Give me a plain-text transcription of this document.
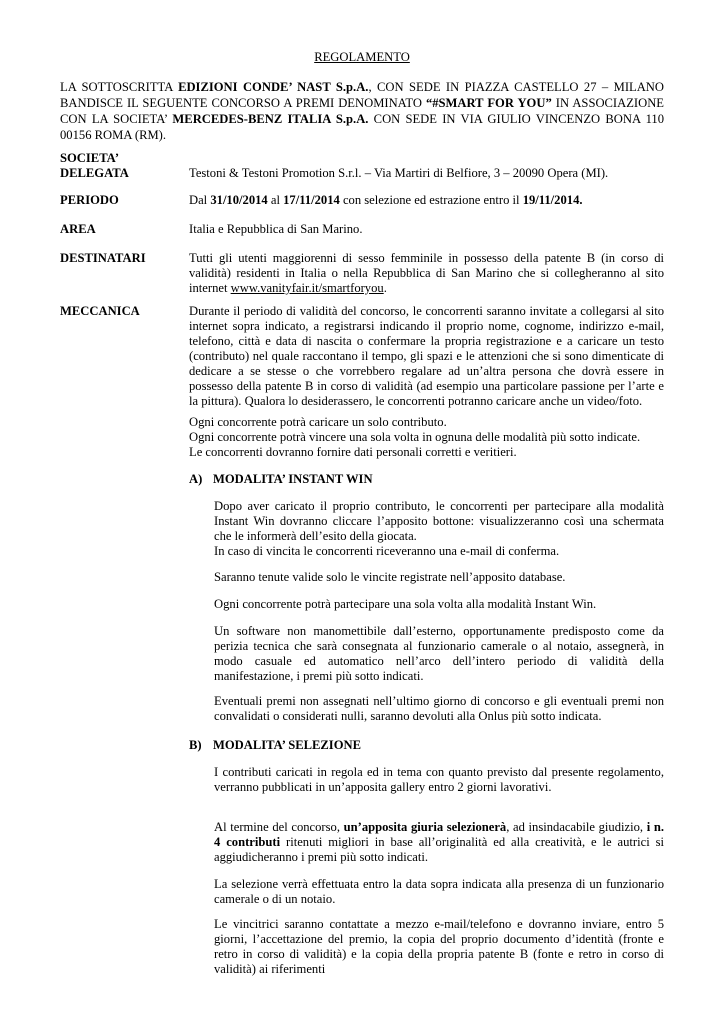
REGOLAMENTO

LA SOTTOSCRITTA EDIZIONI CONDE’ NAST S.p.A., CON SEDE IN PIAZZA CASTELLO 27 – MILANO BANDISCE IL SEGUENTE CONCORSO A PREMI DENOMINATO “#SMART FOR YOU” IN ASSOCIAZIONE CON LA SOCIETA’ MERCEDES-BENZ ITALIA S.p.A. CON SEDE IN VIA GIULIO VINCENZO BONA 110 00156 ROMA (RM).

SOCIETA’
DELEGATA	Testoni & Testoni Promotion S.r.l. – Via Martiri di Belfiore, 3 – 20090 Opera (MI).
PERIODO	Dal 31/10/2014 al 17/11/2014 con selezione ed estrazione entro il 19/11/2014.
AREA	Italia e Repubblica di San Marino.
DESTINATARI	Tutti gli utenti maggiorenni di sesso femminile in possesso della patente B (in corso di validità) residenti in Italia o nella Repubblica di San Marino che si collegheranno al sito internet www.vanityfair.it/smartforyou.
MECCANICA	Durante il periodo di validità del concorso, le concorrenti saranno invitate a collegarsi al sito internet sopra indicato, a registrarsi indicando il proprio nome, cognome, indirizzo e-mail, telefono, città e data di nascita o confermare la propria registrazione e a caricare un testo (contributo) nel quale raccontano il tempo, gli spazi e le attenzioni che si sono dimenticate di dedicare a se stesse o che vorrebbero regalare ad un’altra persona che dovrà essere in possesso della patente B in corso di validità (ad esempio una particolare passione per l’arte e la pittura). Qualora lo desiderassero, le concorrenti potranno caricare anche un video/foto.
Ogni concorrente potrà caricare un solo contributo.
Ogni concorrente potrà vincere una sola volta in ognuna delle modalità più sotto indicate.
Le concorrenti dovranno fornire dati personali corretti e veritieri.
A) MODALITA’ INSTANT WIN
Dopo aver caricato il proprio contributo, le concorrenti per partecipare alla modalità Instant Win dovranno cliccare l’apposito bottone: visualizzeranno così una schermata che le informerà dell’esito della giocata.
In caso di vincita le concorrenti riceveranno una e-mail di conferma.
Saranno tenute valide solo le vincite registrate nell’apposito database.
Ogni concorrente potrà partecipare una sola volta alla modalità Instant Win.
Un software non manomettibile dall’esterno, opportunamente predisposto come da perizia tecnica che sarà consegnata al funzionario camerale o al notaio, assegnerà, in modo casuale ed automatico nell’arco dell’intero periodo di validità della manifestazione, i premi più sotto indicati.
Eventuali premi non assegnati nell’ultimo giorno di concorso e gli eventuali premi non convalidati o considerati nulli, saranno devoluti alla Onlus più sotto indicata.
B) MODALITA’ SELEZIONE
I contributi caricati in regola ed in tema con quanto previsto dal presente regolamento, verranno pubblicati in un’apposita gallery entro 2 giorni lavorativi.
Al termine del concorso, un’apposita giuria selezionerà, ad insindacabile giudizio, i n. 4 contributi ritenuti migliori in base all’originalità ed alla creatività, e le autrici si aggiudicheranno i premi più sotto indicati.
La selezione verrà effettuata entro la data sopra indicata alla presenza di un funzionario camerale o di un notaio.
Le vincitrici saranno contattate a mezzo e-mail/telefono e dovranno inviare, entro 5 giorni, l’accettazione del premio, la copia del proprio documento d’identità (fronte e retro in corso di validità) e la copia della propria patente B (fonte e retro in corso di validità) ai riferimenti
